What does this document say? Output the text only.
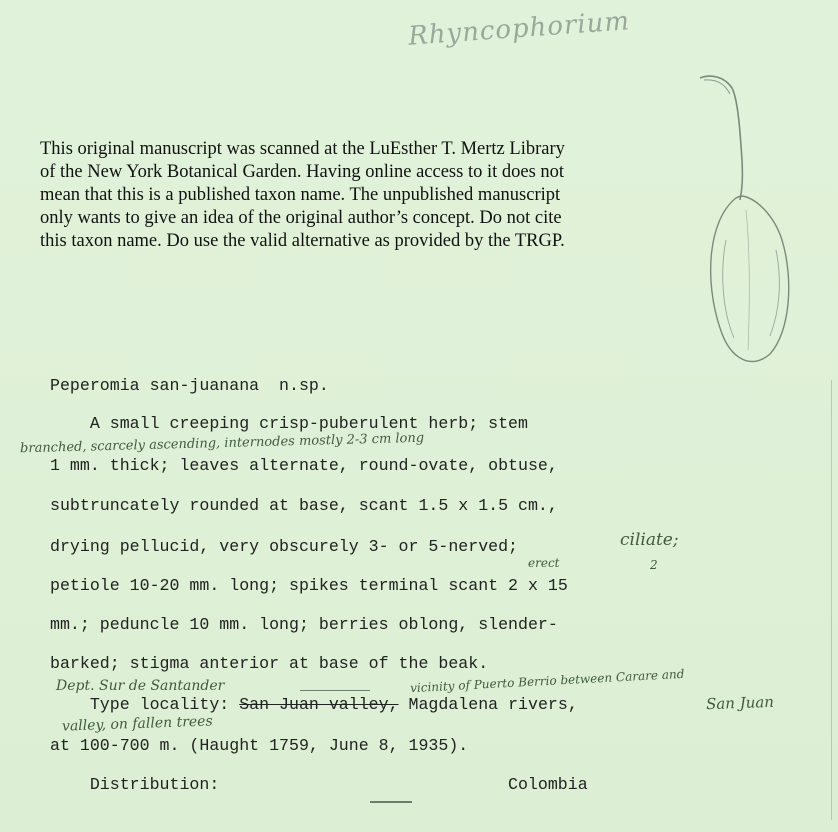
Rhyncophorium
This original manuscript was scanned at the LuEsther T. Mertz Library
of the New York Botanical Garden. Having online access to it does not
mean that this is a published taxon name. The unpublished manuscript
only wants to give an idea of the original author’s concept. Do not cite
this taxon name. Do use the valid alternative as provided by the TRGP.
Peperomia san-juanana  n.sp.
A small creeping crisp-puberulent herb; stem
1 mm. thick; leaves alternate, round-ovate, obtuse,
subtruncately rounded at base, scant 1.5 x 1.5 cm.,
drying pellucid, very obscurely 3- or 5-nerved;
petiole 10-20 mm. long; spikes terminal scant 2 x 15
mm.; peduncle 10 mm. long; berries oblong, slender-
barked; stigma anterior at base of the beak.
Type locality: San Juan valley, Magdalena rivers,
at 100-700 m. (Haught 1759, June 8, 1935).
Distribution:	Colombia
branched, scarcely ascending, internodes mostly 2-3 cm long
ciliate;
erect	2
Dept. Sur de Santander	vicinity of Puerto Berrio between Carare and
San Juan
valley, on fallen trees
